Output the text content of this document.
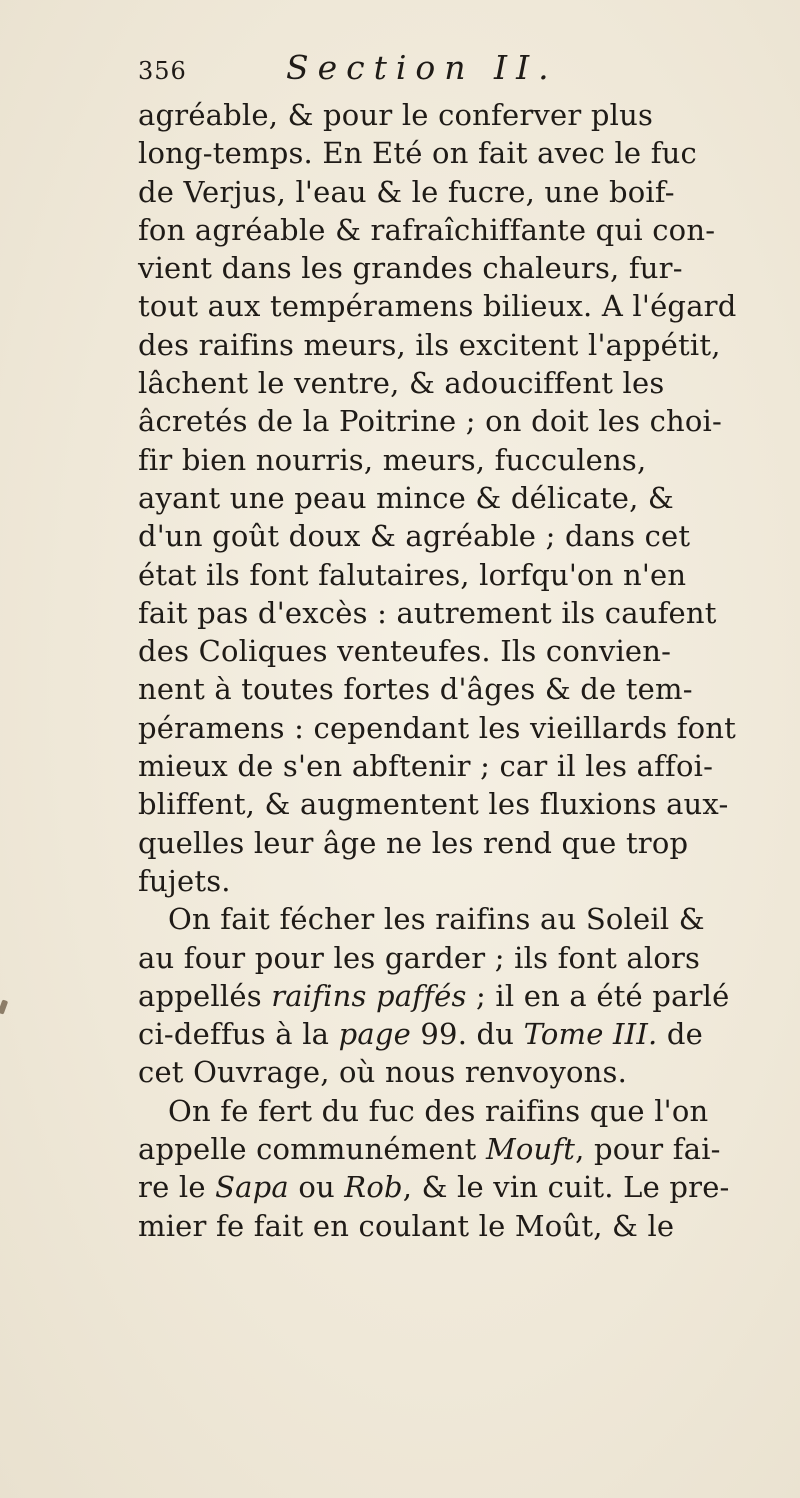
356	Section II.
agréable, & pour le conferver plus
long-temps. En Eté on fait avec le fuc
de Verjus, l'eau & le fucre, une boif-
fon agréable & rafraîchiffante qui con-
vient dans les grandes chaleurs, fur-
tout aux tempéramens bilieux. A l'égard
des raifins meurs, ils excitent l'appétit,
lâchent le ventre, & adouciffent les
âcretés de la Poitrine ; on doit les choi-
fir bien nourris, meurs, fucculens,
ayant une peau mince & délicate, &
d'un goût doux & agréable ; dans cet
état ils font falutaires, lorfqu'on n'en
fait pas d'excès : autrement ils caufent
des Coliques venteufes. Ils convien-
nent à toutes fortes d'âges & de tem-
péramens : cependant les vieillards font
mieux de s'en abftenir ; car il les affoi-
bliffent, & augmentent les fluxions aux-
quelles leur âge ne les rend que trop
fujets.
On fait fécher les raifins au Soleil &
au four pour les garder ; ils font alors
appellés raifins paffés ; il en a été parlé
ci-deffus à la page 99. du Tome III. de
cet Ouvrage, où nous renvoyons.
On fe fert du fuc des raifins que l'on
appelle communément Mouft, pour fai-
re le Sapa ou Rob, & le vin cuit. Le pre-
mier fe fait en coulant le Moût, & le
